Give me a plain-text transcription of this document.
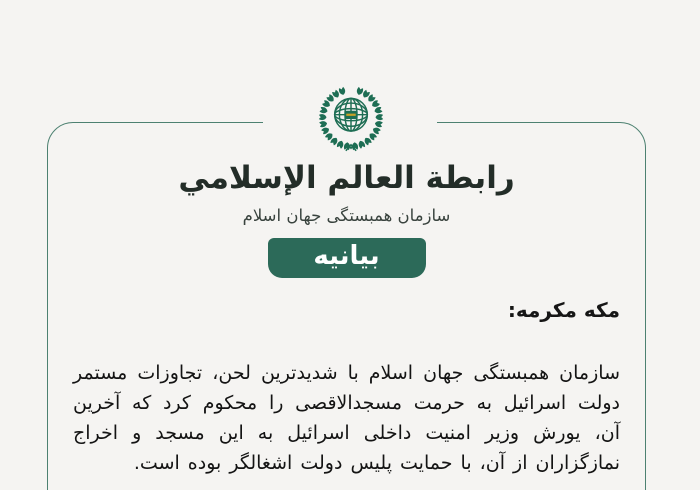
رابطة العالم الإسلامي
سازمان همبستگی جهان اسلام
بیانیه
مکه مکرمه:
سازمان همبستگی جهان اسلام با شدیدترین لحن، تجاوزات مستمر دولت اسرائیل به حرمت مسجدالاقصی را محکوم کرد که آخرین آن، یورش وزیر امنیت داخلی اسرائیل به این مسجد و اخراج نمازگزاران از آن، با حمایت پلیس دولت اشغالگر بوده است.
